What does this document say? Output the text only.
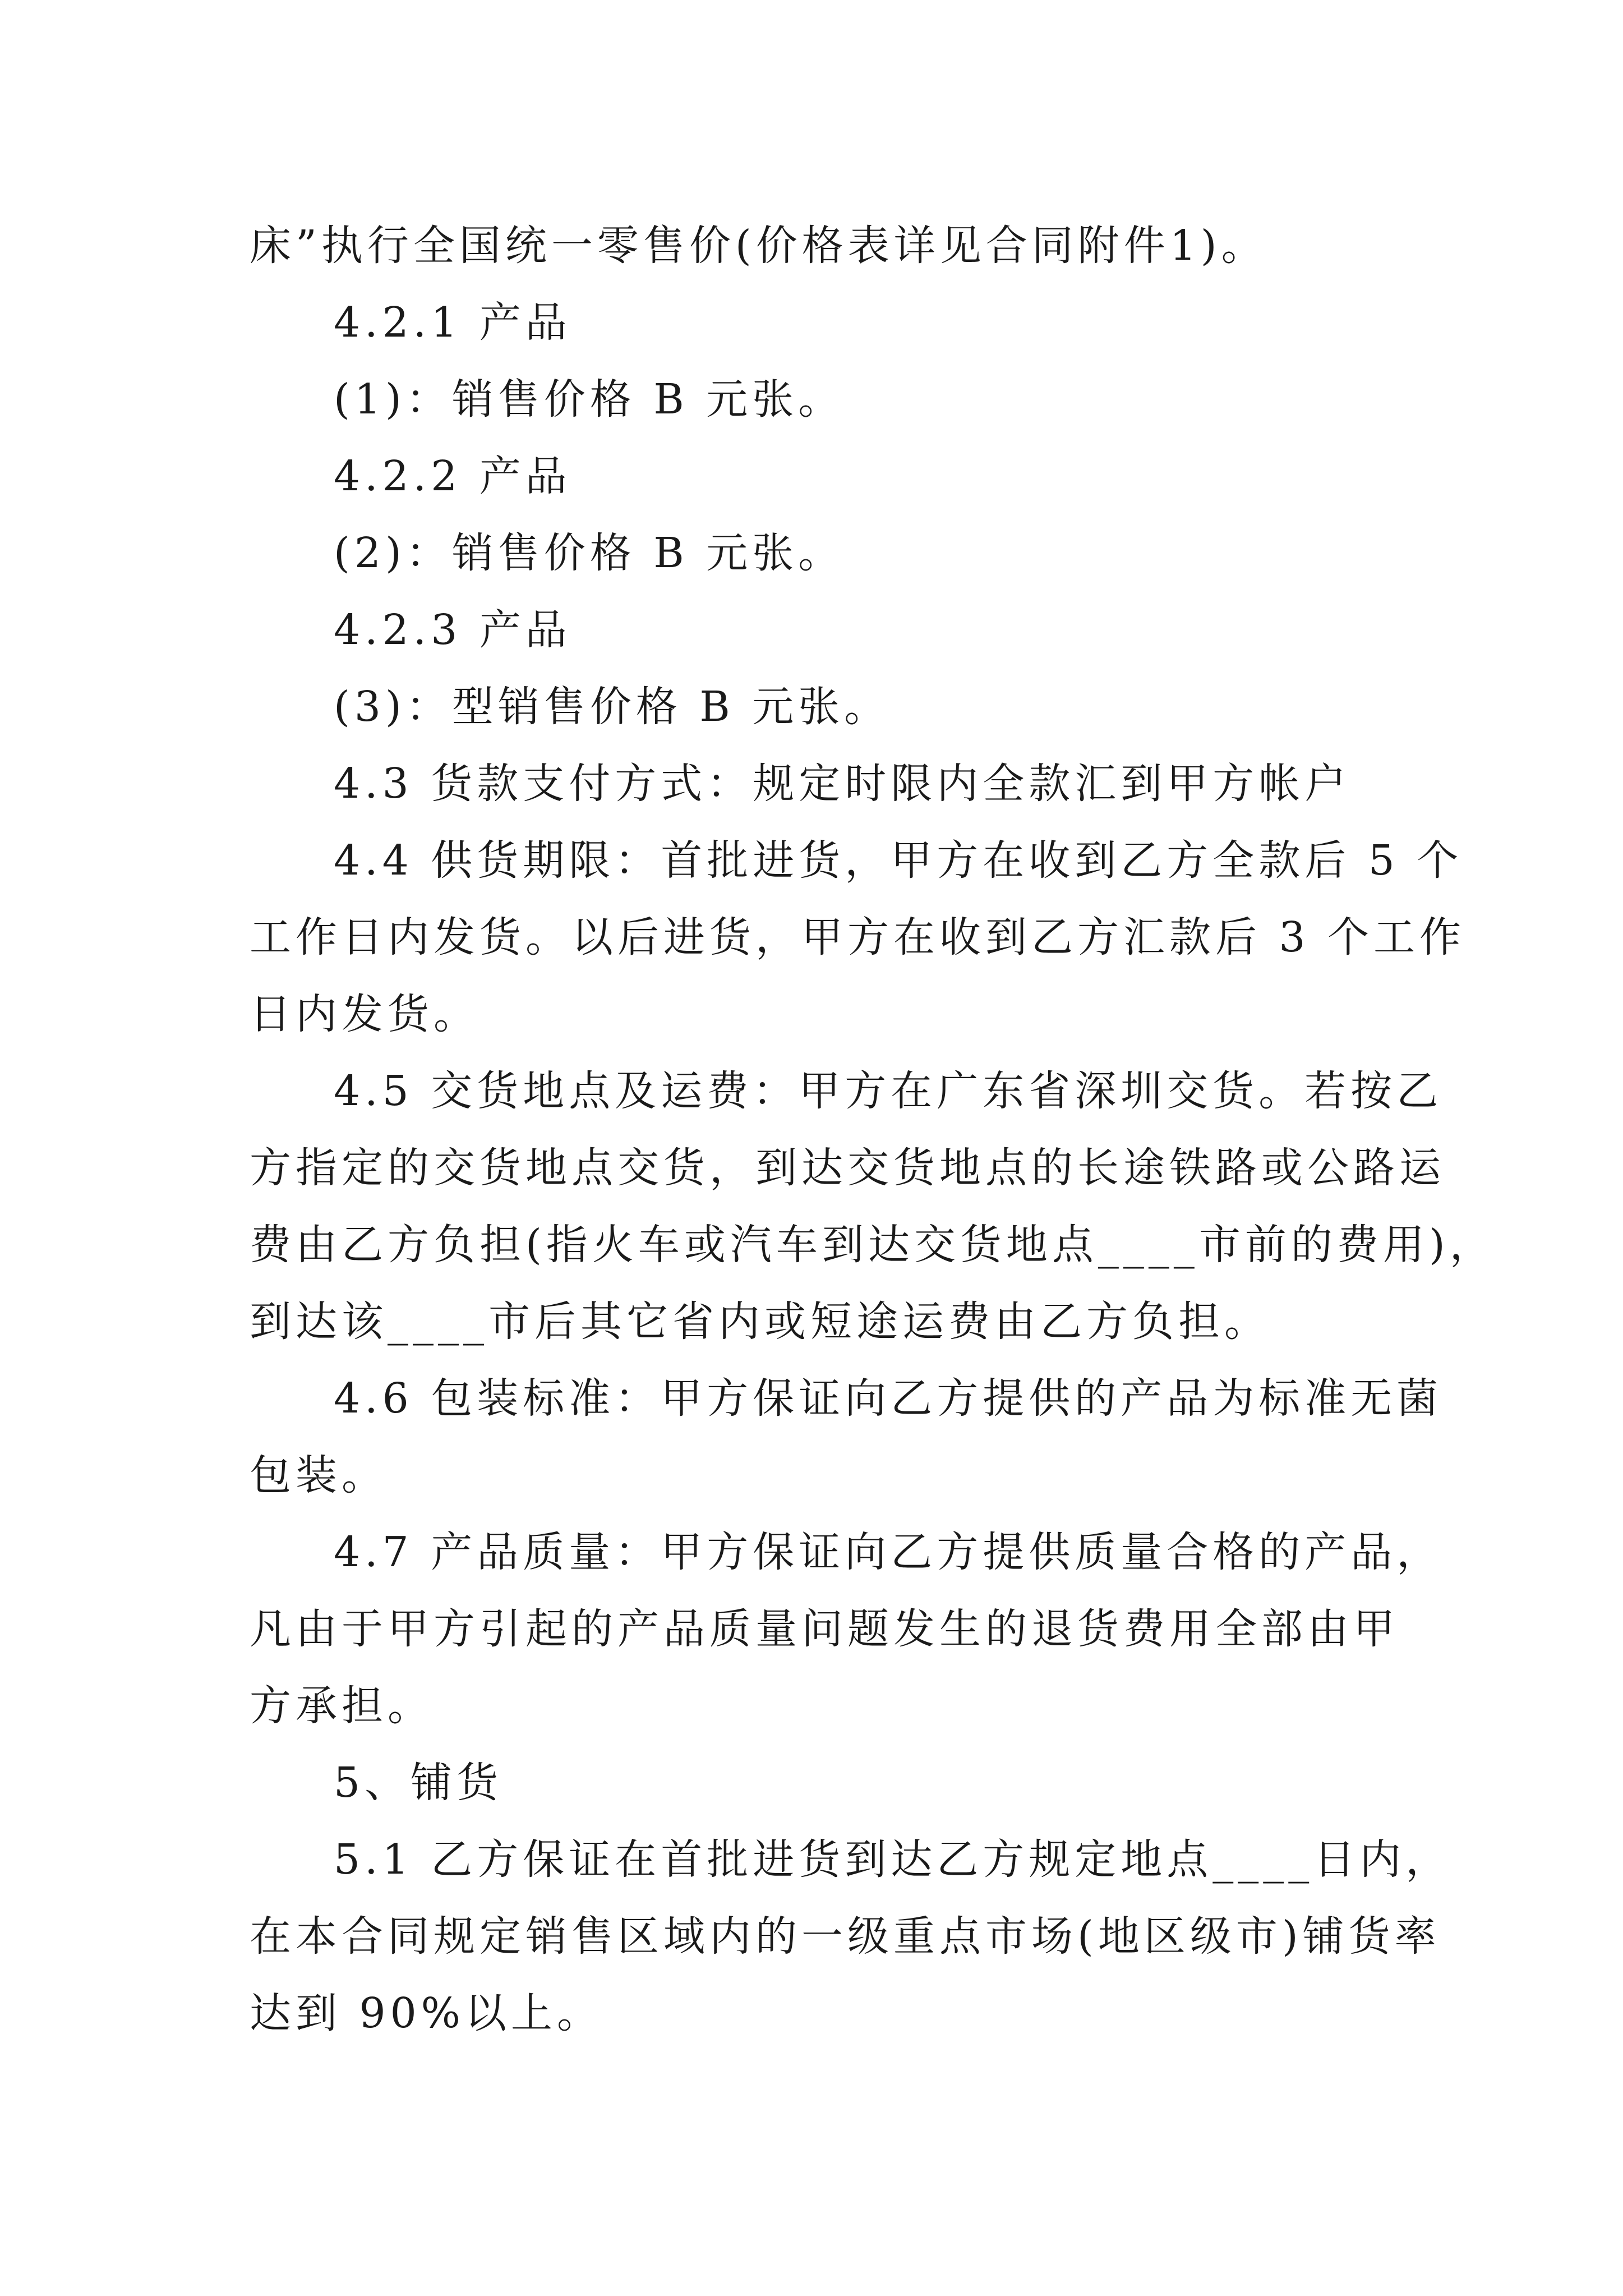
床”执行全国统一零售价(价格表详见合同附件1)。

4.2.1 产品

(1)：销售价格 B 元张。

4.2.2 产品

(2)：销售价格 B 元张。

4.2.3 产品

(3)：型销售价格 B 元张。

4.3 货款支付方式：规定时限内全款汇到甲方帐户

4.4 供货期限：首批进货，甲方在收到乙方全款后 5 个
工作日内发货。以后进货，甲方在收到乙方汇款后 3 个工作
日内发货。

4.5 交货地点及运费：甲方在广东省深圳交货。若按乙
方指定的交货地点交货，到达交货地点的长途铁路或公路运
费由乙方负担(指火车或汽车到达交货地点____市前的费用)，
到达该____市后其它省内或短途运费由乙方负担。

4.6 包装标准：甲方保证向乙方提供的产品为标准无菌
包装。

4.7 产品质量：甲方保证向乙方提供质量合格的产品，
凡由于甲方引起的产品质量问题发生的退货费用全部由甲
方承担。

5、铺货

5.1 乙方保证在首批进货到达乙方规定地点____日内，
在本合同规定销售区域内的一级重点市场(地区级市)铺货率
达到 90%以上。
